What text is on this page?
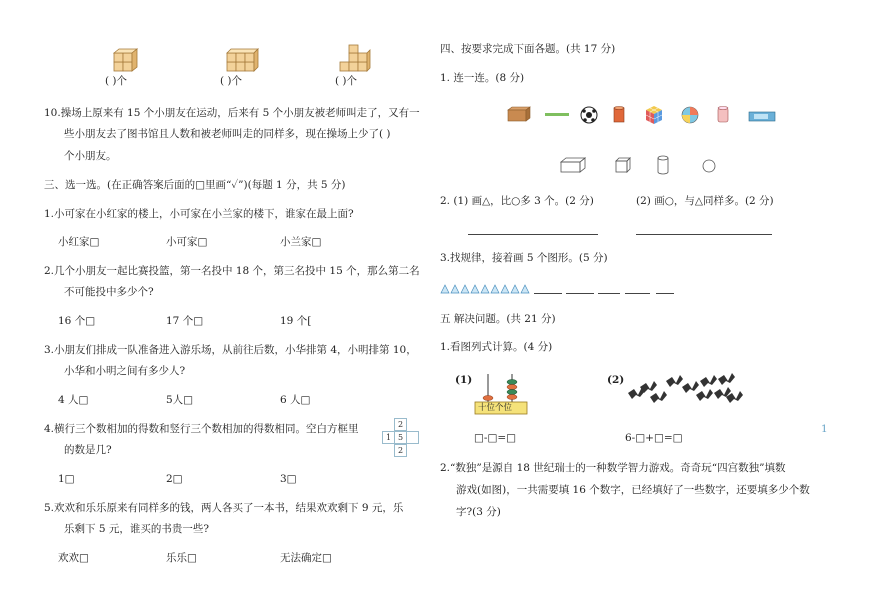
( )个	( )个	( )个
10.操场上原来有 15 个小朋友在运动，后来有 5 个小朋友被老师叫走了，又有一
些小朋友去了图书馆且人数和被老师叫走的同样多，现在操场上少了( )
个小朋友。
三、选一选。(在正确答案后面的□里画“✓”)(每题 1 分，共 5 分)
1.小可家在小红家的楼上，小可家在小兰家的楼下，谁家在最上面?
小红家□	小可家□	小兰家□
2.几个小朋友一起比赛投篮，第一名投中 18 个，第三名投中 15 个，那么第二名
不可能投中多少个?
16 个□	17 个□	19 个[
3.小朋友们排成一队准备进入游乐场，从前往后数，小华排第 4，小明排第 10，
小华和小明之间有多少人?
4 人□	5人□	6 人□
4.横行三个数相加的得数和竖行三个数相加的得数相同。空白方框里
的数是几?
2
1 5
2
1□	2□	3□
5.欢欢和乐乐原来有同样多的钱，两人各买了一本书，结果欢欢剩下 9 元，乐
乐剩下 5 元，谁买的书贵一些?
欢欢□	乐乐□	无法确定□
四、按要求完成下面各题。(共 17 分)
1. 连一连。(8 分)
2. (1) 画△，比○多 3 个。(2 分)	(2) 画○，与△同样多。(2 分)
3.找规律，接着画 5 个图形。(5 分)
五 解决问题。(共 21 分)
1.看图列式计算。(4 分)
(1)
十位个位
(2)
□-□=□	6-□+□=□
1
2.“数独”是源自 18 世纪瑞士的一种数学智力游戏。奇奇玩“四宫数独”填数
游戏(如图)，一共需要填 16 个数字，已经填好了一些数字，还要填多少个数
字?(3 分)
